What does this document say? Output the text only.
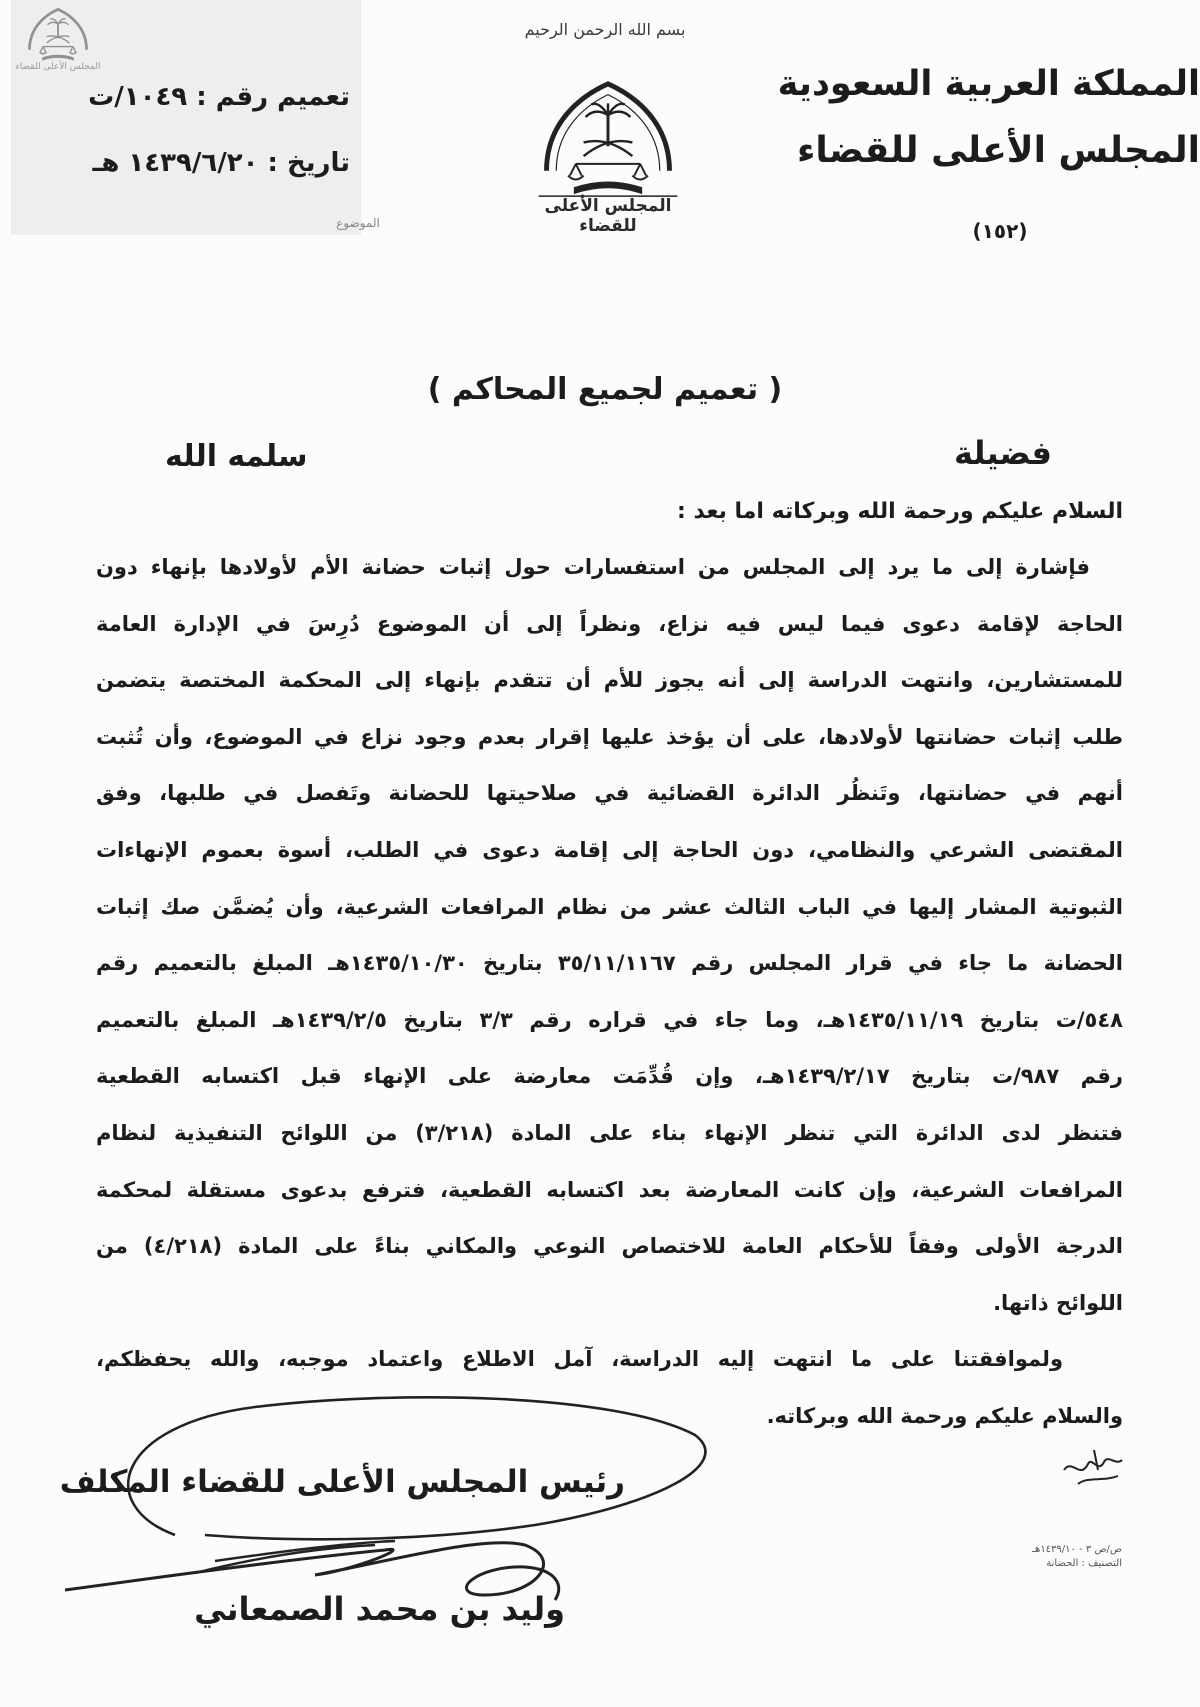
المجلس الأعلى للقضاء
تعميم رقم : ١٠٤٩/ت
تاريخ : ١٤٣٩/٦/٢٠ هـ
الموضوع
بسم الله الرحمن الرحيم
المجلس الأعلى للقضاء
المملكة العربية السعودية
المجلس الأعلى للقضاء
(١٥٢)
( تعميم لجميع المحاكم )
فضيلة
سلمه الله
السلام عليكم ورحمة الله وبركاته اما بعد :
فإشارة إلى ما يرد إلى المجلس من استفسارات حول إثبات حضانة الأم لأولادها بإنهاء دون
الحاجة لإقامة دعوى فيما ليس فيه نزاع، ونظراً إلى أن الموضوع دُرِسَ في الإدارة العامة
للمستشارين، وانتهت الدراسة إلى أنه يجوز للأم أن تتقدم بإنهاء إلى المحكمة المختصة يتضمن
طلب إثبات حضانتها لأولادها، على أن يؤخذ عليها إقرار بعدم وجود نزاع في الموضوع، وأن تُثبت
أنهم في حضانتها، وتَنظُر الدائرة القضائية في صلاحيتها للحضانة وتَفصل في طلبها، وفق
المقتضى الشرعي والنظامي، دون الحاجة إلى إقامة دعوى في الطلب، أسوة بعموم الإنهاءات
الثبوتية المشار إليها في الباب الثالث عشر من نظام المرافعات الشرعية، وأن يُضمَّن صك إثبات
الحضانة ما جاء في قرار المجلس رقم ٣٥/١١/١١٦٧ بتاريخ ١٤٣٥/١٠/٣٠هـ المبلغ بالتعميم رقم
٥٤٨/ت بتاريخ ١٤٣٥/١١/١٩هـ، وما جاء في قراره رقم ٣/٣ بتاريخ ١٤٣٩/٢/٥هـ المبلغ بالتعميم
رقم ٩٨٧/ت بتاريخ ١٤٣٩/٢/١٧هـ، وإن قُدِّمَت معارضة على الإنهاء قبل اكتسابه القطعية
فتنظر لدى الدائرة التي تنظر الإنهاء بناء على المادة (٣/٢١٨) من اللوائح التنفيذية لنظام
المرافعات الشرعية، وإن كانت المعارضة بعد اكتسابه القطعية، فترفع بدعوى مستقلة لمحكمة
الدرجة الأولى وفقاً للأحكام العامة للاختصاص النوعي والمكاني بناءً على المادة (٤/٢١٨) من
اللوائح ذاتها.
ولموافقتنا على ما انتهت إليه الدراسة، آمل الاطلاع واعتماد موجبه، والله يحفظكم،
والسلام عليكم ورحمة الله وبركاته.
رئيس المجلس الأعلى للقضاء المكلف
وليد بن محمد الصمعاني
ص/ص ٣ - ١٤٣٩/١٠هـ
التصنيف : الحضانة
